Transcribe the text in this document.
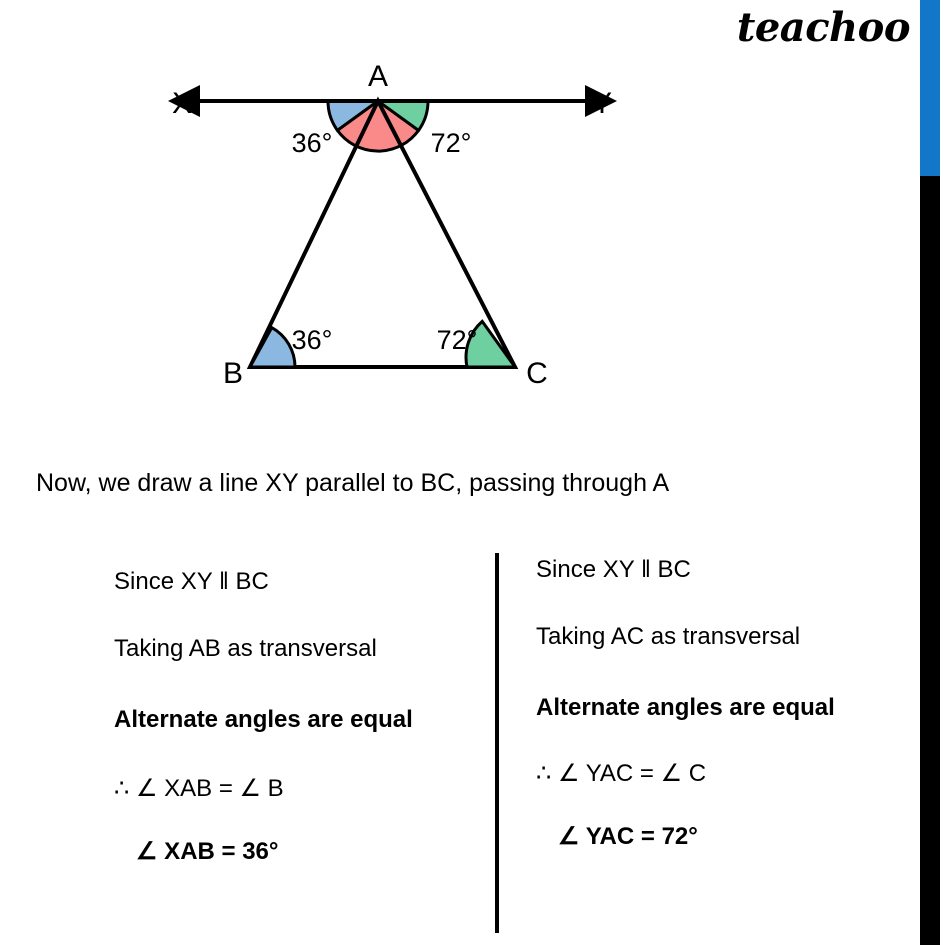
teachoo
X	Y
A
B	C
36°	72°
36°	72°
Now, we draw a line XY parallel to BC, passing through A
Since XY ‖ BC
Taking AB as transversal
Alternate angles are equal
∴ ∠ XAB = ∠ B
∠ XAB = 36°
Since XY ‖ BC
Taking AC as transversal
Alternate angles are equal
∴ ∠ YAC = ∠ C
∠ YAC = 72°
